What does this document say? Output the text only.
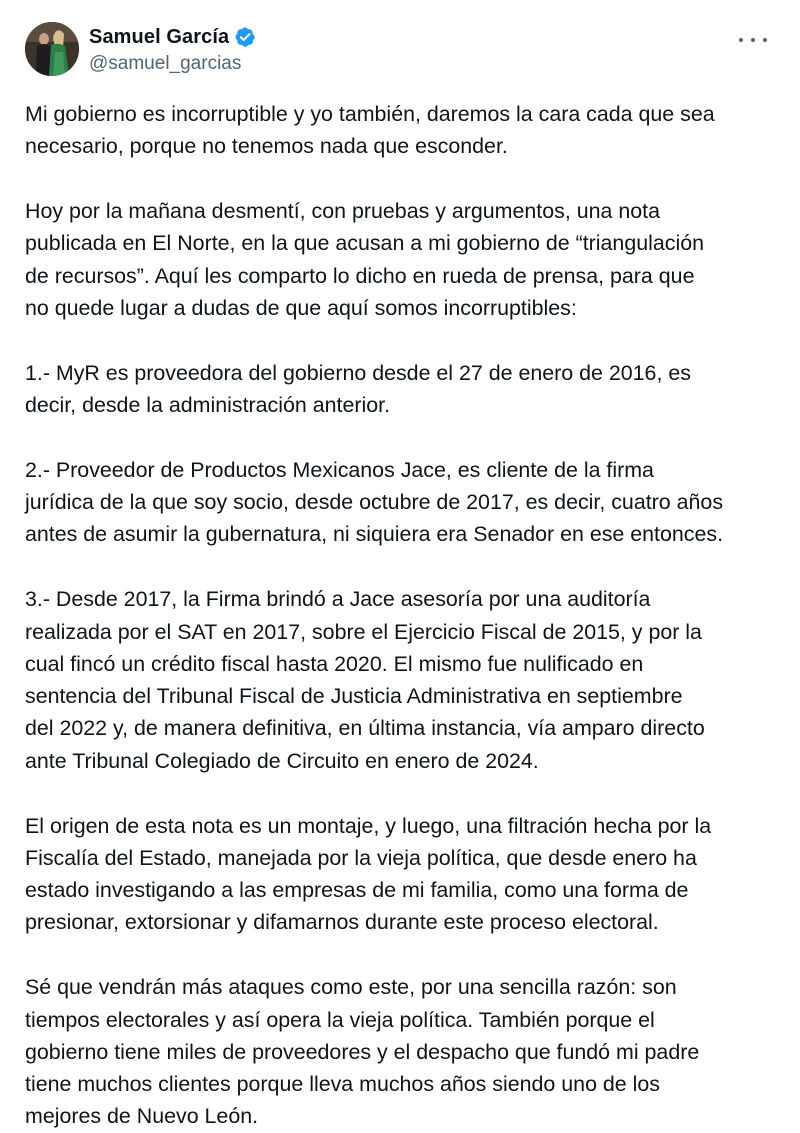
Samuel García
@samuel_garcias

Mi gobierno es incorruptible y yo también, daremos la cara cada que sea
necesario, porque no tenemos nada que esconder.

Hoy por la mañana desmentí, con pruebas y argumentos, una nota
publicada en El Norte, en la que acusan a mi gobierno de “triangulación
de recursos”. Aquí les comparto lo dicho en rueda de prensa, para que
no quede lugar a dudas de que aquí somos incorruptibles:

1.- MyR es proveedora del gobierno desde el 27 de enero de 2016, es
decir, desde la administración anterior.

2.- Proveedor de Productos Mexicanos Jace, es cliente de la firma
jurídica de la que soy socio, desde octubre de 2017, es decir, cuatro años
antes de asumir la gubernatura, ni siquiera era Senador en ese entonces.

3.- Desde 2017, la Firma brindó a Jace asesoría por una auditoría
realizada por el SAT en 2017, sobre el Ejercicio Fiscal de 2015, y por la
cual fincó un crédito fiscal hasta 2020. El mismo fue nulificado en
sentencia del Tribunal Fiscal de Justicia Administrativa en septiembre
del 2022 y, de manera definitiva, en última instancia, vía amparo directo
ante Tribunal Colegiado de Circuito en enero de 2024.

El origen de esta nota es un montaje, y luego, una filtración hecha por la
Fiscalía del Estado, manejada por la vieja política, que desde enero ha
estado investigando a las empresas de mi familia, como una forma de
presionar, extorsionar y difamarnos durante este proceso electoral.

Sé que vendrán más ataques como este, por una sencilla razón: son
tiempos electorales y así opera la vieja política. También porque el
gobierno tiene miles de proveedores y el despacho que fundó mi padre
tiene muchos clientes porque lleva muchos años siendo uno de los
mejores de Nuevo León.
